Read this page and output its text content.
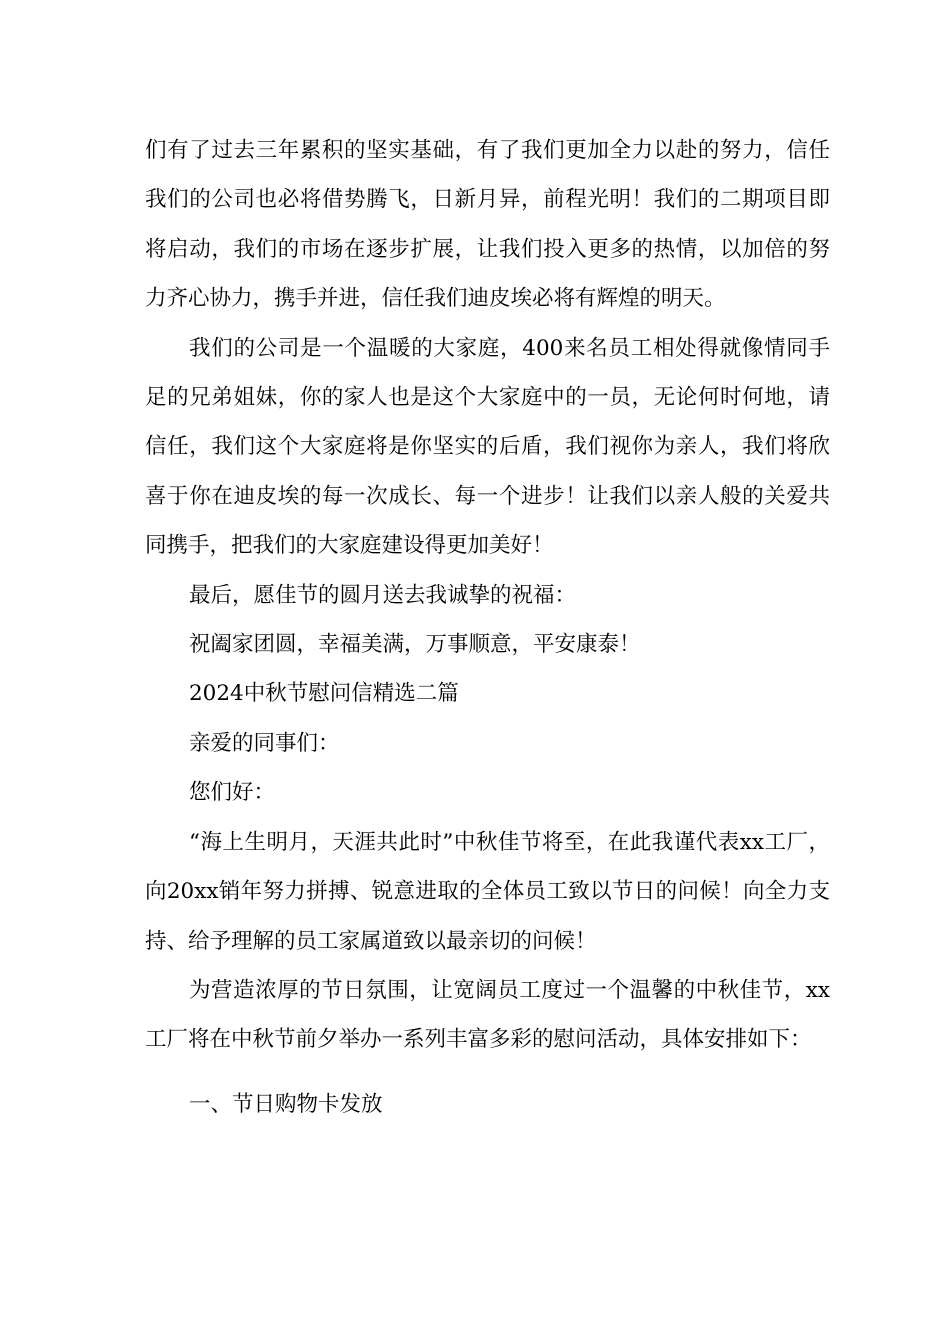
们有了过去三年累积的坚实基础，有了我们更加全力以赴的努力，信任我们的公司也必将借势腾飞，日新月异，前程光明！我们的二期项目即将启动，我们的市场在逐步扩展，让我们投入更多的热情，以加倍的努力齐心协力，携手并进，信任我们迪皮埃必将有辉煌的明天。

我们的公司是一个温暖的大家庭，400来名员工相处得就像情同手足的兄弟姐妹，你的家人也是这个大家庭中的一员，无论何时何地，请信任，我们这个大家庭将是你坚实的后盾，我们视你为亲人，我们将欣喜于你在迪皮埃的每一次成长、每一个进步！让我们以亲人般的关爱共同携手，把我们的大家庭建设得更加美好！

最后，愿佳节的圆月送去我诚挚的祝福：

祝阖家团圆，幸福美满，万事顺意，平安康泰！

2024中秋节慰问信精选二篇

亲爱的同事们：

您们好：

“海上生明月，天涯共此时”中秋佳节将至，在此我谨代表xx工厂，向20xx销年努力拼搏、锐意进取的全体员工致以节日的问候！向全力支持、给予理解的员工家属道致以最亲切的问候！

为营造浓厚的节日氛围，让宽阔员工度过一个温馨的中秋佳节，xx工厂将在中秋节前夕举办一系列丰富多彩的慰问活动，具体安排如下：

一、节日购物卡发放
